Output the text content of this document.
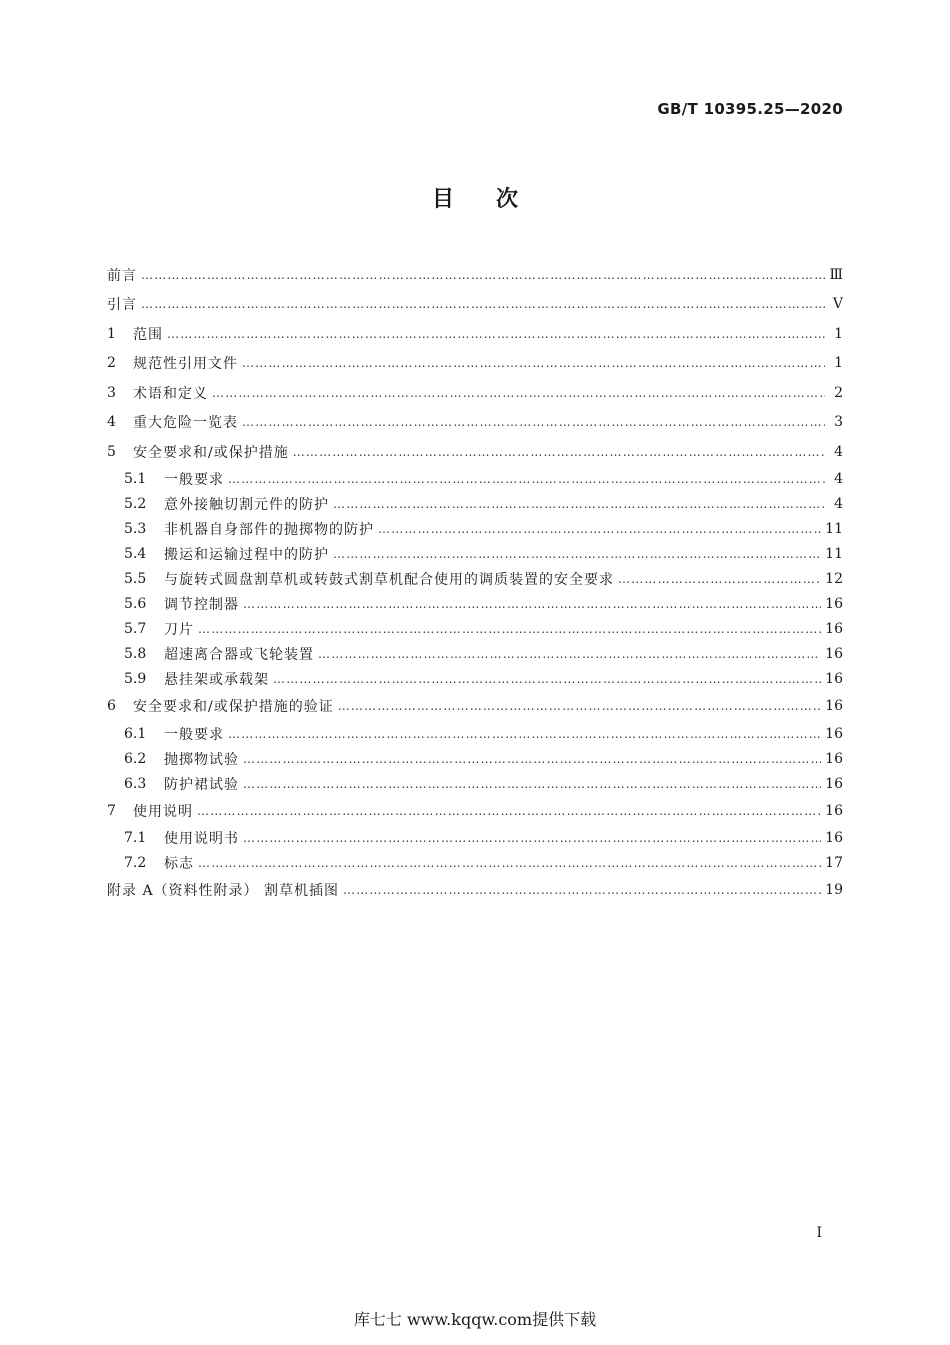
GB/T 10395.25—2020
目次
前言 ……………………………………………………………………………………………………………………………………………………………………………………………………	Ⅲ
引言 ……………………………………………………………………………………………………………………………………………………………………………………………………	Ⅴ
1	范围 ……………………………………………………………………………………………………………………………………………………………………………………………………	1
2	规范性引用文件 ……………………………………………………………………………………………………………………………………………………………………………………………………	1
3	术语和定义 ……………………………………………………………………………………………………………………………………………………………………………………………………	2
4	重大危险一览表 ……………………………………………………………………………………………………………………………………………………………………………………………………	3
5	安全要求和/或保护措施 ……………………………………………………………………………………………………………………………………………………………………………………………………	4
5.1	一般要求 ……………………………………………………………………………………………………………………………………………………………………………………………………	4
5.2	意外接触切割元件的防护 ……………………………………………………………………………………………………………………………………………………………………………………………………	4
5.3	非机器自身部件的抛掷物的防护 ……………………………………………………………………………………………………………………………………………………………………………………………………	11
5.4	搬运和运输过程中的防护 ……………………………………………………………………………………………………………………………………………………………………………………………………	11
5.5	与旋转式圆盘割草机或转鼓式割草机配合使用的调质装置的安全要求 ……………………………………………………………………………………………………………………………………………………………………………………………………	12
5.6	调节控制器 ……………………………………………………………………………………………………………………………………………………………………………………………………	16
5.7	刀片 ……………………………………………………………………………………………………………………………………………………………………………………………………	16
5.8	超速离合器或飞轮装置 ……………………………………………………………………………………………………………………………………………………………………………………………………	16
5.9	悬挂架或承载架 ……………………………………………………………………………………………………………………………………………………………………………………………………	16
6	安全要求和/或保护措施的验证 ……………………………………………………………………………………………………………………………………………………………………………………………………	16
6.1	一般要求 ……………………………………………………………………………………………………………………………………………………………………………………………………	16
6.2	抛掷物试验 ……………………………………………………………………………………………………………………………………………………………………………………………………	16
6.3	防护裙试验 ……………………………………………………………………………………………………………………………………………………………………………………………………	16
7	使用说明 ……………………………………………………………………………………………………………………………………………………………………………………………………	16
7.1	使用说明书 ……………………………………………………………………………………………………………………………………………………………………………………………………	16
7.2	标志 ……………………………………………………………………………………………………………………………………………………………………………………………………	17
附录 A（资料性附录） 割草机插图 ……………………………………………………………………………………………………………………………………………………………………………………………………	19
Ⅰ
库七七 www.kqqw.com提供下载
